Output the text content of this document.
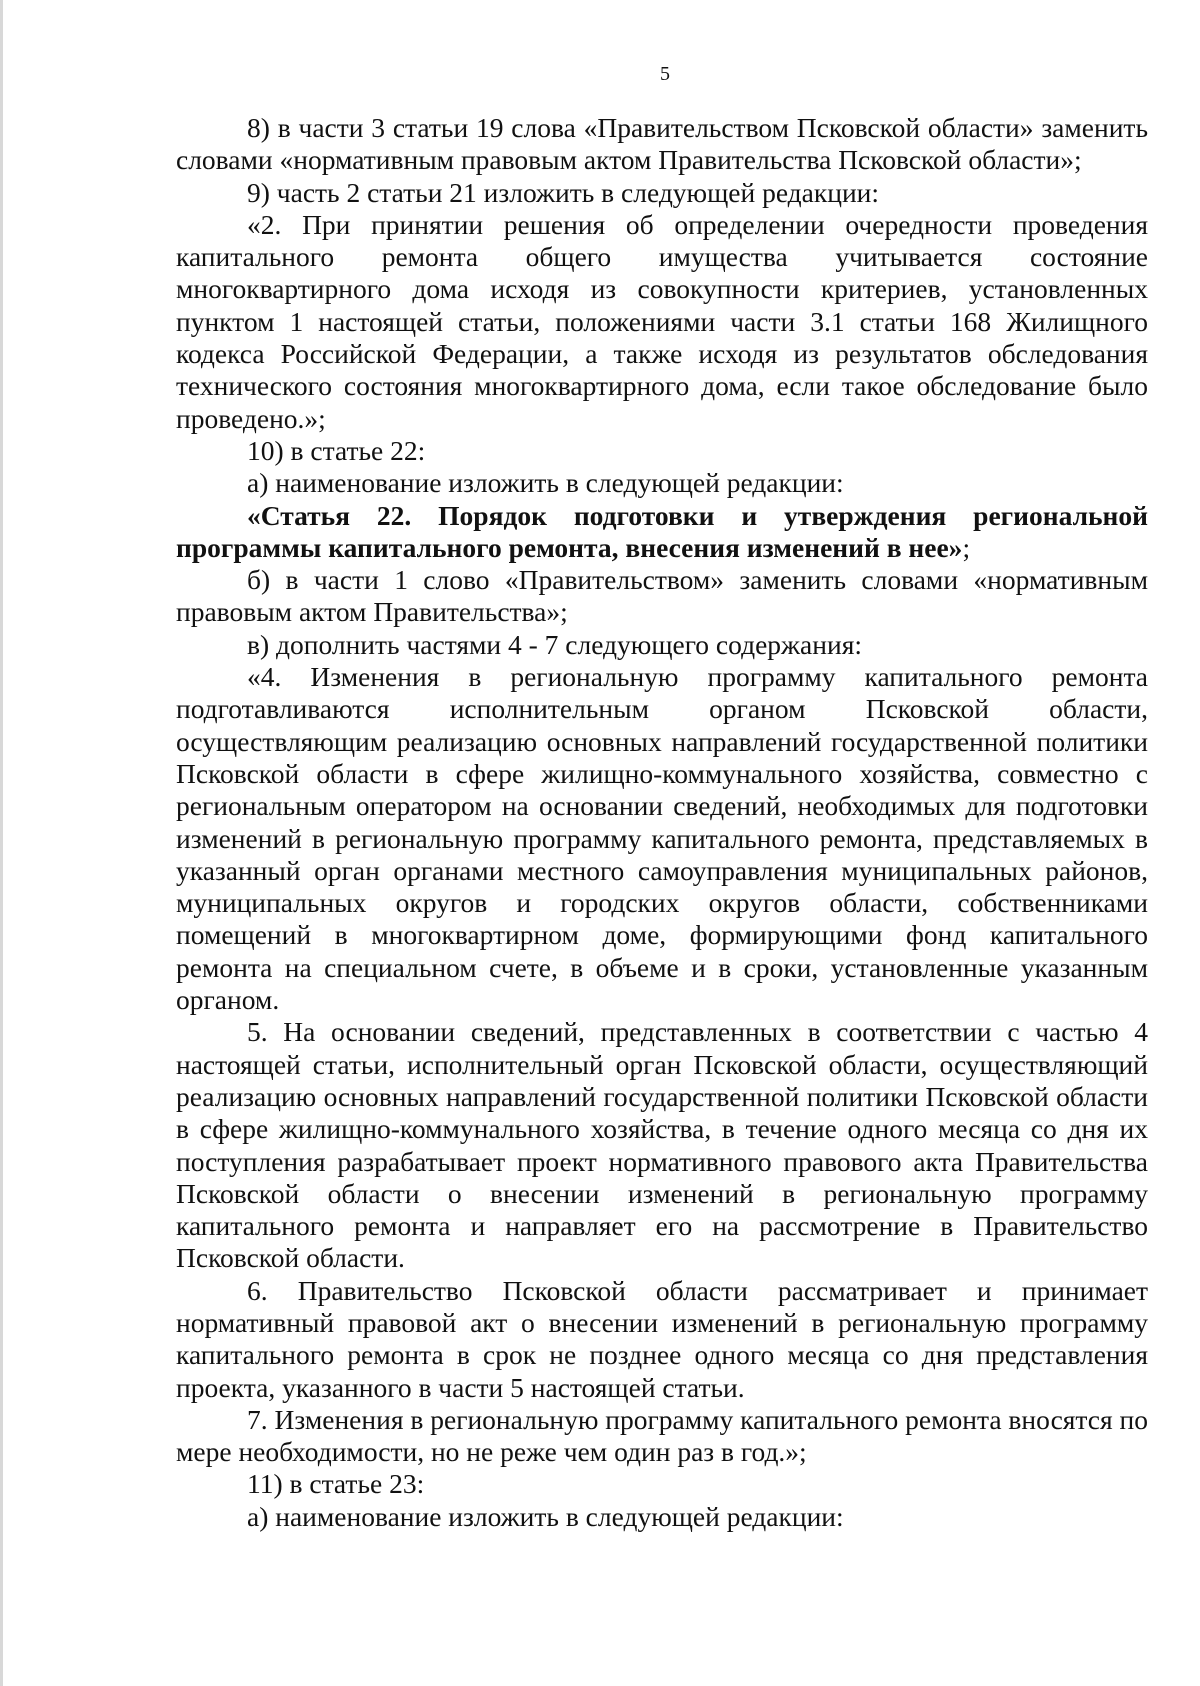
5

8) в части 3 статьи 19 слова «Правительством Псковской области» заменить словами «нормативным правовым актом Правительства Псковской области»;

9) часть 2 статьи 21 изложить в следующей редакции:

«2. При принятии решения об определении очередности проведения капитального ремонта общего имущества учитывается состояние многоквартирного дома исходя из совокупности критериев, установленных пунктом 1 настоящей статьи, положениями части 3.1 статьи 168 Жилищного кодекса Российской Федерации, а также исходя из результатов обследования технического состояния многоквартирного дома, если такое обследование было проведено.»;

10) в статье 22:

а) наименование изложить в следующей редакции:

«Статья 22. Порядок подготовки и утверждения региональной программы капитального ремонта, внесения изменений в нее»;

б) в части 1 слово «Правительством» заменить словами «нормативным правовым актом Правительства»;

в) дополнить частями 4 - 7 следующего содержания:

«4. Изменения в региональную программу капитального ремонта подготавливаются исполнительным органом Псковской области, осуществляющим реализацию основных направлений государственной политики Псковской области в сфере жилищно-коммунального хозяйства, совместно с региональным оператором на основании сведений, необходимых для подготовки изменений в региональную программу капитального ремонта, представляемых в указанный орган органами местного самоуправления муниципальных районов, муниципальных округов и городских округов области, собственниками помещений в многоквартирном доме, формирующими фонд капитального ремонта на специальном счете, в объеме и в сроки, установленные указанным органом.

5. На основании сведений, представленных в соответствии с частью 4 настоящей статьи, исполнительный орган Псковской области, осуществляющий реализацию основных направлений государственной политики Псковской области в сфере жилищно-коммунального хозяйства, в течение одного месяца со дня их поступления разрабатывает проект нормативного правового акта Правительства Псковской области о внесении изменений в региональную программу капитального ремонта и направляет его на рассмотрение в Правительство Псковской области.

6. Правительство Псковской области рассматривает и принимает нормативный правовой акт о внесении изменений в региональную программу капитального ремонта в срок не позднее одного месяца со дня представления проекта, указанного в части 5 настоящей статьи.

7. Изменения в региональную программу капитального ремонта вносятся по мере необходимости, но не реже чем один раз в год.»;

11) в статье 23:

а) наименование изложить в следующей редакции:
